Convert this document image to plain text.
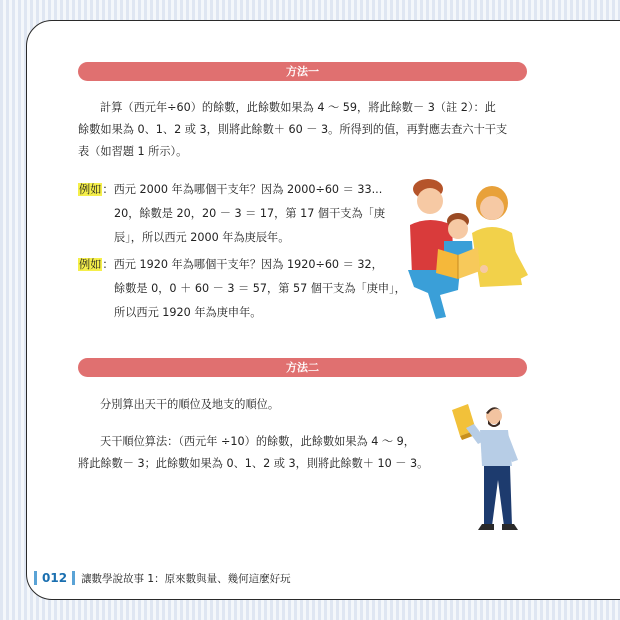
方法一
計算（西元年÷60）的餘數，此餘數如果為 4 ～ 59，將此餘數－ 3（註 2）：此
餘數如果為 0、1、2 或 3，則將此餘數＋ 60 － 3。所得到的值，再對應去查六十干支
表（如習題 1 所示）。
例如：西元 2000 年為哪個干支年？因為 2000÷60 ＝ 33...
20，餘數是 20，20 － 3 ＝ 17，第 17 個干支為「庚
辰」，所以西元 2000 年為庚辰年。
例如：西元 1920 年為哪個干支年？因為 1920÷60 ＝ 32，
餘數是 0，0 ＋ 60 － 3 ＝ 57，第 57 個干支為「庚申」，
所以西元 1920 年為庚申年。
方法二
分別算出天干的順位及地支的順位。
天干順位算法：（西元年 ÷10）的餘數，此餘數如果為 4 ～ 9，
將此餘數－ 3；此餘數如果為 0、1、2 或 3，則將此餘數＋ 10 － 3。
012 讓數學說故事 1：原來數與量、幾何這麼好玩
